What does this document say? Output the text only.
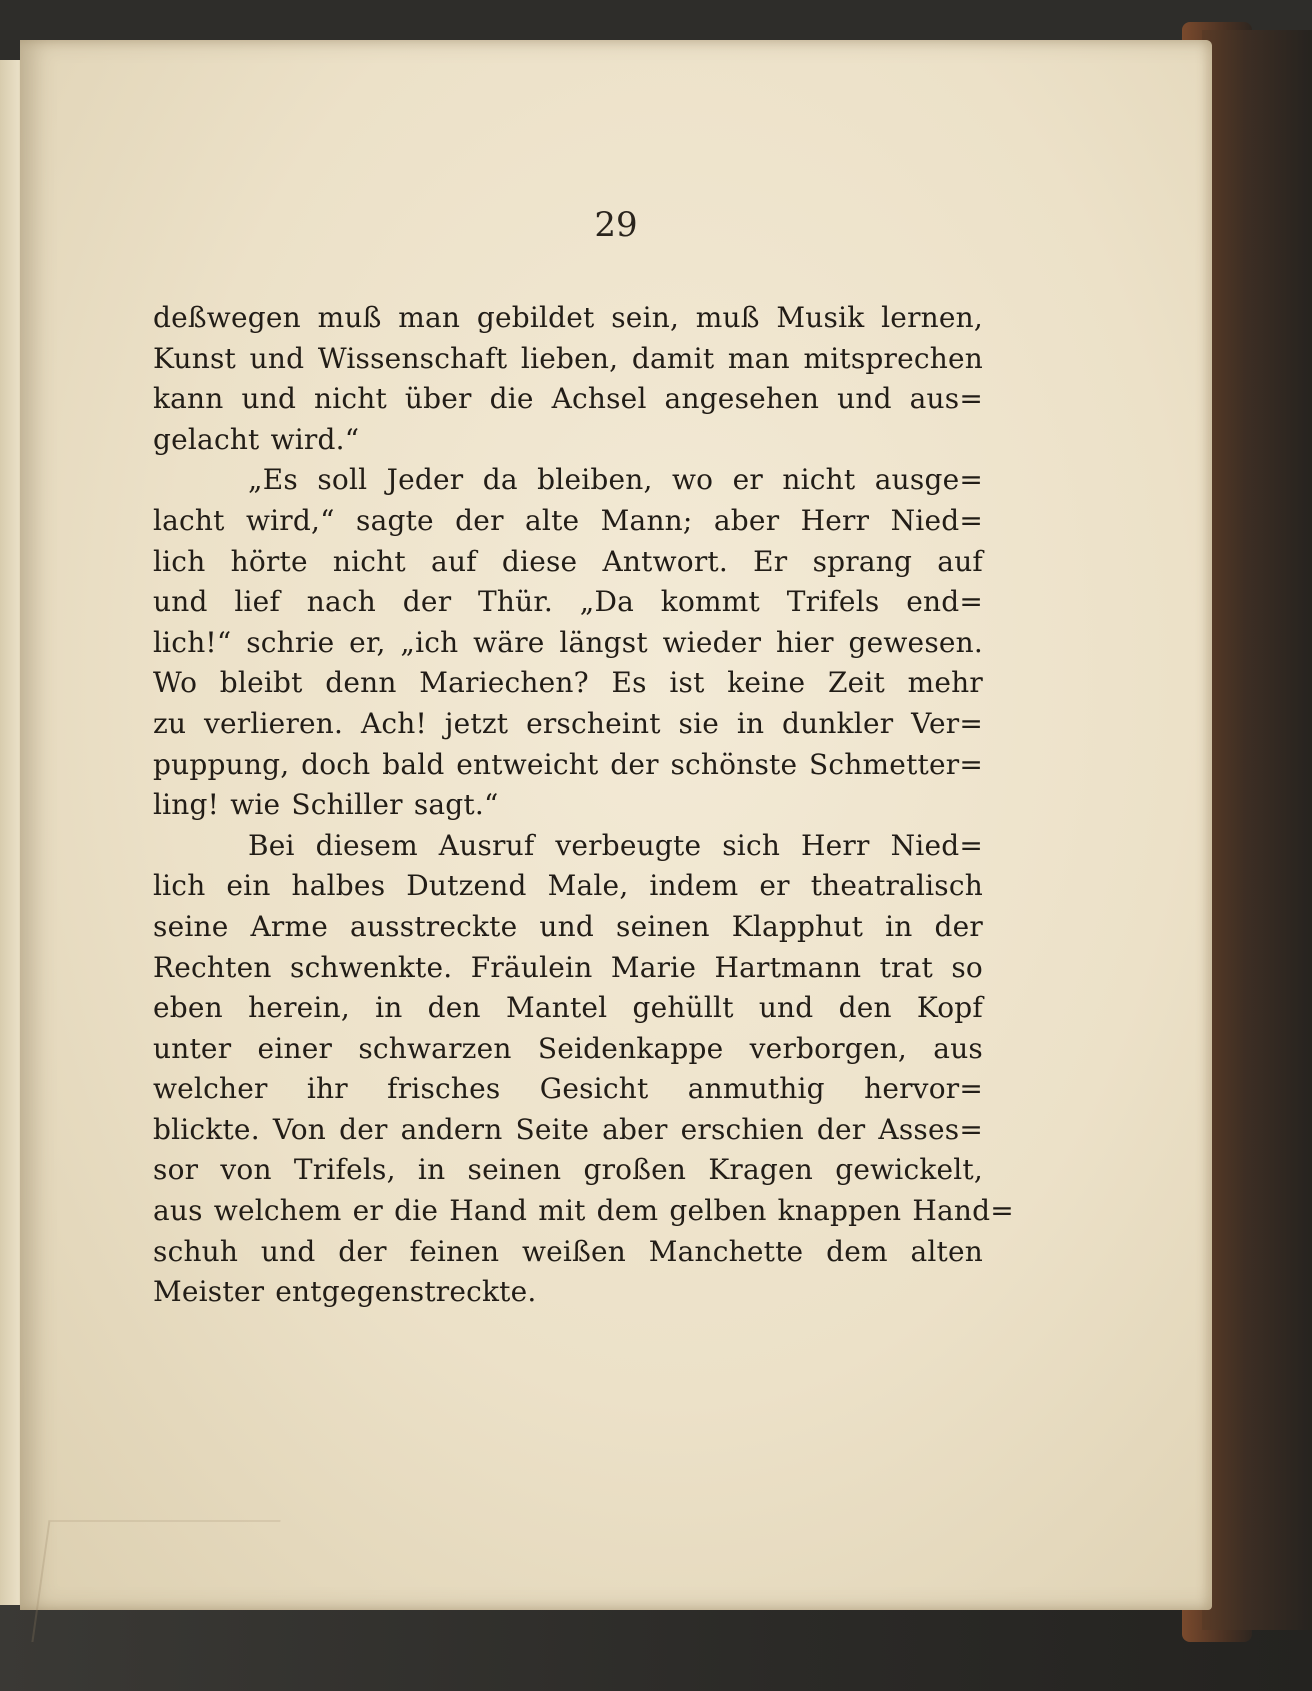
29

deßwegen muß man gebildet sein, muß Musik lernen,
Kunst und Wissenschaft lieben, damit man mitsprechen
kann und nicht über die Achsel angesehen und aus=
gelacht wird.“
„Es soll Jeder da bleiben, wo er nicht ausge=
lacht wird,“ sagte der alte Mann; aber Herr Nied=
lich hörte nicht auf diese Antwort. Er sprang auf
und lief nach der Thür. „Da kommt Trifels end=
lich!“ schrie er, „ich wäre längst wieder hier gewesen.
Wo bleibt denn Mariechen? Es ist keine Zeit mehr
zu verlieren. Ach! jetzt erscheint sie in dunkler Ver=
puppung, doch bald entweicht der schönste Schmetter=
ling! wie Schiller sagt.“
Bei diesem Ausruf verbeugte sich Herr Nied=
lich ein halbes Dutzend Male, indem er theatralisch
seine Arme ausstreckte und seinen Klapphut in der
Rechten schwenkte. Fräulein Marie Hartmann trat so
eben herein, in den Mantel gehüllt und den Kopf
unter einer schwarzen Seidenkappe verborgen, aus
welcher ihr frisches Gesicht anmuthig hervor=
blickte. Von der andern Seite aber erschien der Asses=
sor von Trifels, in seinen großen Kragen gewickelt,
aus welchem er die Hand mit dem gelben knappen Hand=
schuh und der feinen weißen Manchette dem alten
Meister entgegenstreckte.
